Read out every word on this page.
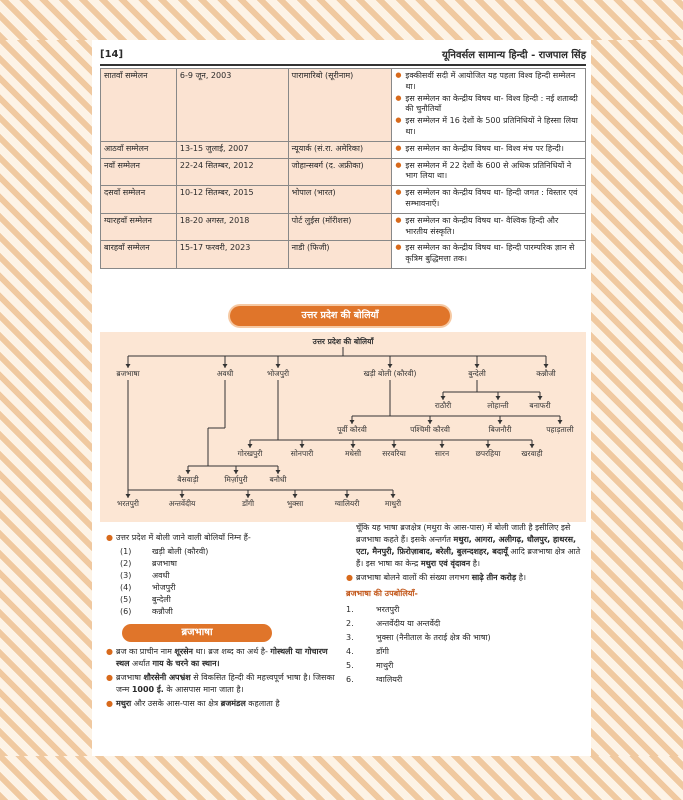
[14]	यूनिवर्सल सामान्य हिन्दी - राजपाल सिंह
सातवाँ सम्मेलन	6-9 जून, 2003	पारामारिबो (सूरीनाम)	● इक्कीसवीं सदी में आयोजित यह पहला विश्व हिन्दी सम्मेलन था।
● इस सम्मेलन का केन्द्रीय विषय था- विश्व हिन्दी : नई शताब्दी की चुनौतियाँ
● इस सम्मेलन में 16 देशों के 500 प्रतिनिधियों ने हिस्सा लिया था।

आठवाँ सम्मेलन	13-15 जुलाई, 2007	न्यूयार्क (सं.रा. अमेरिका)	● इस सम्मेलन का केन्द्रीय विषय था- विश्व मंच पर हिन्दी।

नवाँ सम्मेलन	22-24 सितम्बर, 2012	जोहान्सबर्ग (द. अफ्रीका)	● इस सम्मेलन में 22 देशों के 600 से अधिक प्रतिनिधियों ने भाग लिया था।

दसवाँ सम्मेलन	10-12 सितम्बर, 2015	भोपाल (भारत)	● इस सम्मेलन का केन्द्रीय विषय था- हिन्दी जगत : विस्तार एवं सम्भावनाएँ।

ग्यारहवाँ सम्मेलन	18-20 अगस्त, 2018	पोर्ट लुईस (मॉरीशस)	● इस सम्मेलन का केन्द्रीय विषय था- वैश्विक हिन्दी और भारतीय संस्कृति।

बारहवाँ सम्मेलन	15-17 फरवरी, 2023	नाडी (फिजी)	● इस सम्मेलन का केन्द्रीय विषय था- हिन्दी पारम्परिक ज्ञान से कृत्रिम बुद्धिमत्ता तक।
उत्तर प्रदेश की बोलियाँ
उत्तर प्रदेश की बोलियाँ
ब्रजभाषा	अवधी	भोजपुरी	खड़ी बोली (कौरवी)	बुन्देली	कन्नौजी
राठौरी	लोहान्ती	बनाफरी
पूर्वी कौरवी	पश्चिमी कौरवी	बिजनौरी	पहाड़ताली
गोरखपुरी	सोनपारी	मधेसी	सरवरिया	सारन	छपरहिया	खरवाही
बैसवाड़ी	मिर्ज़ापुरी	बनौधी
भरतपुरी	अन्तर्वेदीय	डाँगी	भुक्सा	ग्वालियरी	माथुरी
● उत्तर प्रदेश में बोली जाने वाली बोलियाँ निम्न हैं-
(1)	खड़ी बोली (कौरवी)
(2)	ब्रजभाषा
(3)	अवधी
(4)	भोजपुरी
(5)	बुन्देली
(6)	कन्नौजी
ब्रजभाषा
● ब्रज का प्राचीन नाम शूरसेन था। ब्रज शब्द का अर्थ है- गोस्थली या गोचारण स्थल अर्थात गाय के चरने का स्थान।
● ब्रजभाषा शौरसेनी अपभ्रंश से विकसित हिन्दी की महत्त्वपूर्ण भाषा है। जिसका जन्म 1000 ई. के आसपास माना जाता है।
● मथुरा और उसके आस-पास का क्षेत्र ब्रजमंडल कहलाता है
चूँकि यह भाषा ब्रजक्षेत्र (मथुरा के आस-पास) में बोली जाती है इसीलिए इसे ब्रजभाषा कहते हैं। इसके अन्तर्गत मथुरा, आगरा, अलीगढ़, धौलपुर, हाथरस, एटा, मैनपुरी, फ़िरोज़ाबाद, बरेली, बुलन्दशहर, बदायूँ आदि ब्रजभाषा क्षेत्र आते हैं। इस भाषा का केन्द्र मथुरा एवं वृंदावन है।
● ब्रजभाषा बोलने वालों की संख्या लगभग साढ़े तीन करोड़ है।
ब्रजभाषा की उपबोलियाँ-
1.	भरतपुरी
2.	अन्तर्वेदीय या अन्तर्वेदी
3.	भुक्सा (नैनीताल के तराई क्षेत्र की भाषा)
4.	डाँगी
5.	माथुरी
6.	ग्वालियरी
